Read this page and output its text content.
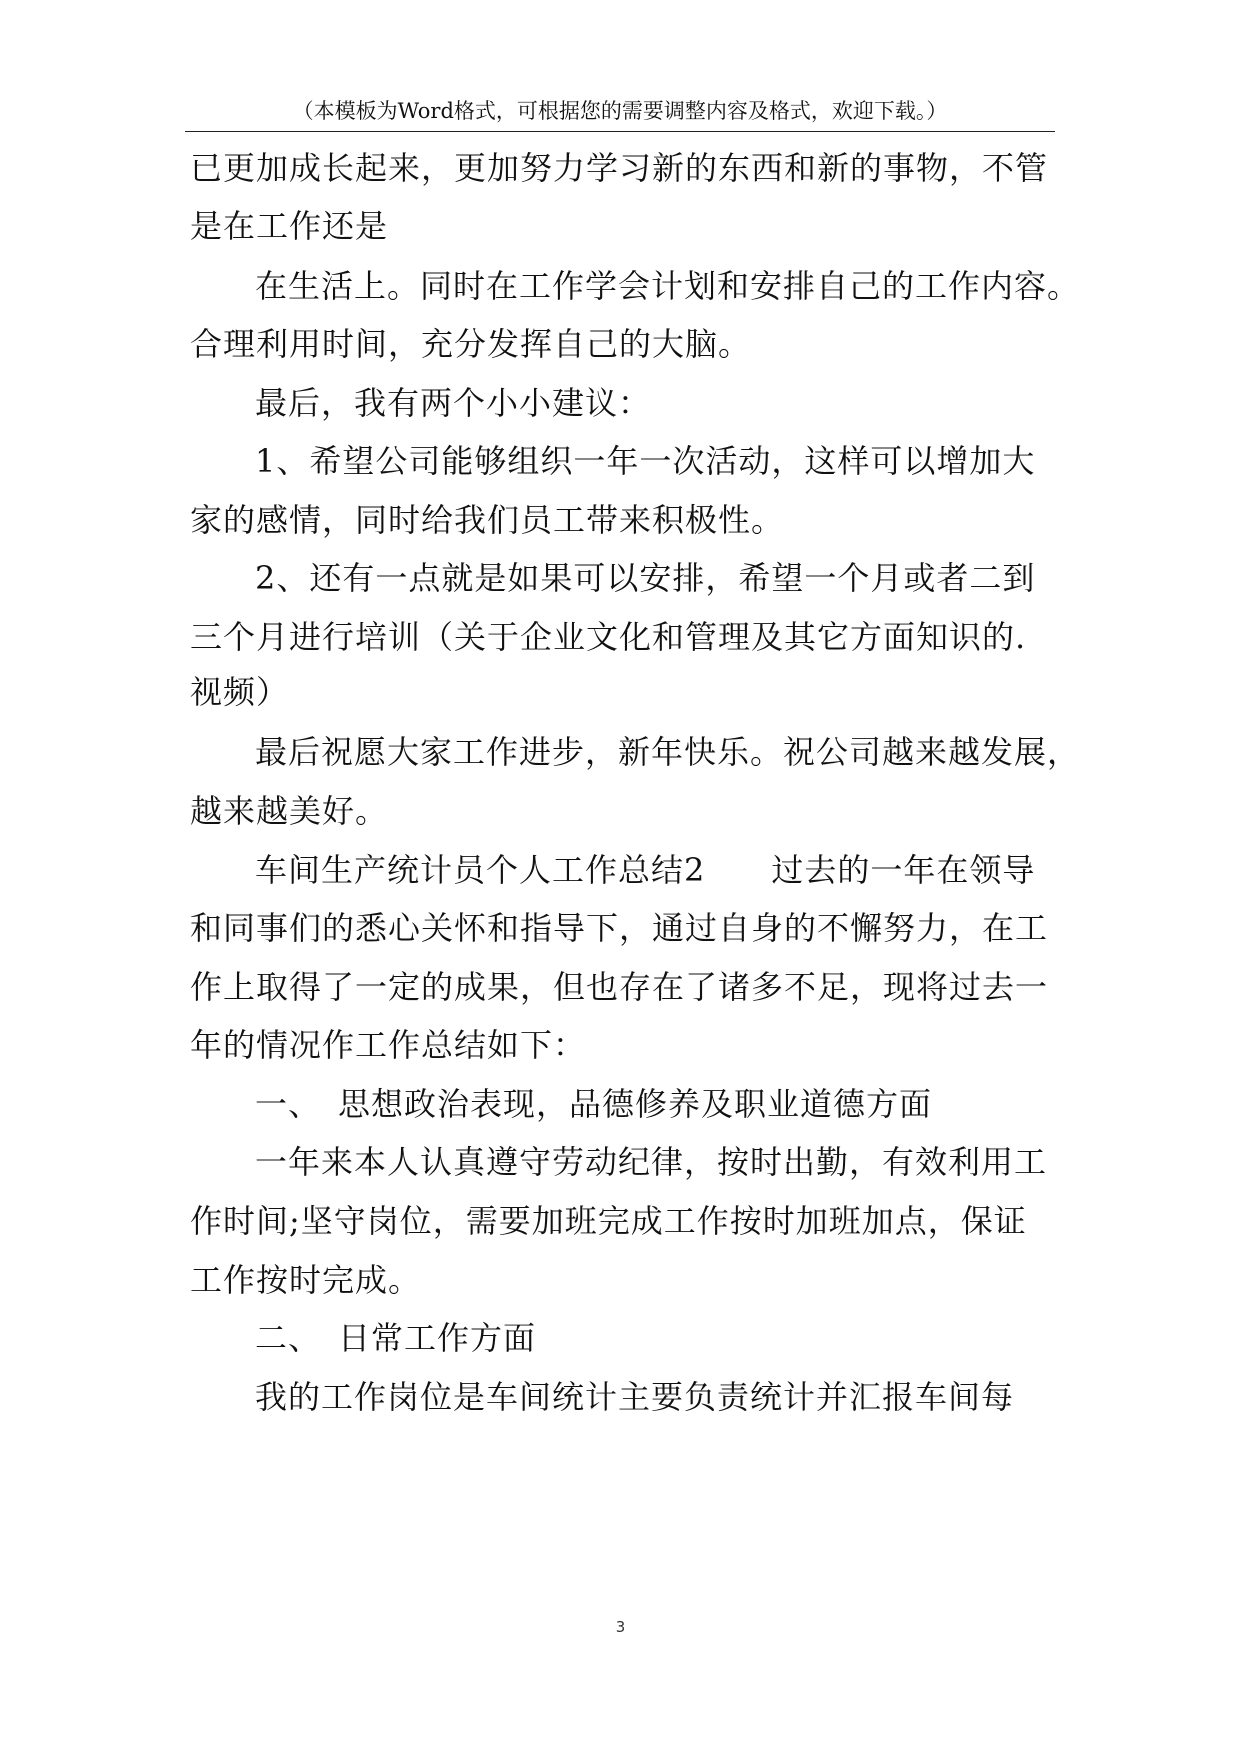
（本模板为Word格式，可根据您的需要调整内容及格式，欢迎下载。）
已更加成长起来，更加努力学习新的东西和新的事物，不管
是在工作还是
在生活上。同时在工作学会计划和安排自己的工作内容。
合理利用时间，充分发挥自己的大脑。
最后，我有两个小小建议：
1、希望公司能够组织一年一次活动，这样可以增加大
家的感情，同时给我们员工带来积极性。
2、还有一点就是如果可以安排，希望一个月或者二到
三个月进行培训（关于企业文化和管理及其它方面知识的.
视频）
最后祝愿大家工作进步，新年快乐。祝公司越来越发展，
越来越美好。
车间生产统计员个人工作总结2　　过去的一年在领导
和同事们的悉心关怀和指导下，通过自身的不懈努力，在工
作上取得了一定的成果，但也存在了诸多不足，现将过去一
年的情况作工作总结如下：
一、　思想政治表现，品德修养及职业道德方面
一年来本人认真遵守劳动纪律，按时出勤，有效利用工
作时间;坚守岗位，需要加班完成工作按时加班加点，保证
工作按时完成。
二、　日常工作方面
我的工作岗位是车间统计主要负责统计并汇报车间每
3
